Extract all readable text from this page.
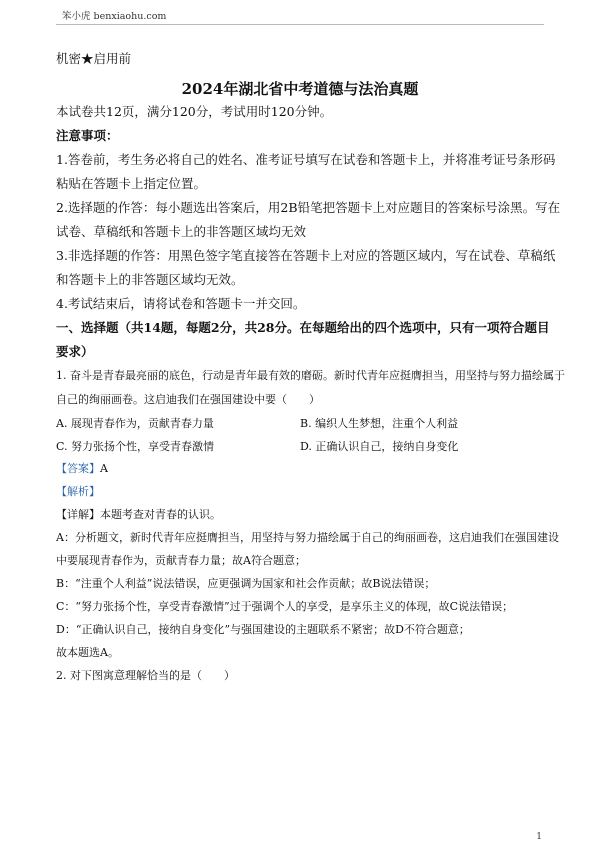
笨小虎 benxiaohu.com
机密★启用前
2024年湖北省中考道德与法治真题
本试卷共12页，满分120分，考试用时120分钟。
注意事项：
1.答卷前，考生务必将自己的姓名、准考证号填写在试卷和答题卡上，并将准考证号条形码
粘贴在答题卡上指定位置。
2.选择题的作答：每小题选出答案后，用2B铅笔把答题卡上对应题目的答案标号涂黑。写在
试卷、草稿纸和答题卡上的非答题区域均无效
3.非选择题的作答：用黑色签字笔直接答在答题卡上对应的答题区域内，写在试卷、草稿纸
和答题卡上的非答题区域均无效。
4.考试结束后，请将试卷和答题卡一并交回。
一、选择题（共14题，每题2分，共28分。在每题给出的四个选项中，只有一项符合题目
要求）
1. 奋斗是青春最亮丽的底色，行动是青年最有效的磨砺。新时代青年应挺膺担当，用坚持与努力描绘属于
自己的绚丽画卷。这启迪我们在强国建设中要（　　）
A. 展现青春作为，贡献青春力量	B. 编织人生梦想，注重个人利益
C. 努力张扬个性，享受青春激情	D. 正确认识自己，接纳自身变化
【答案】A
【解析】
【详解】本题考查对青春的认识。
A：分析题文，新时代青年应挺膺担当，用坚持与努力描绘属于自己的绚丽画卷，这启迪我们在强国建设
中要展现青春作为，贡献青春力量；故A符合题意；
B：“注重个人利益”说法错误，应更强调为国家和社会作贡献；故B说法错误；
C：“努力张扬个性，享受青春激情”过于强调个人的享受，是享乐主义的体现，故C说法错误；
D：“正确认识自己，接纳自身变化”与强国建设的主题联系不紧密；故D不符合题意；
故本题选A。
2. 对下图寓意理解恰当的是（　　）
1
